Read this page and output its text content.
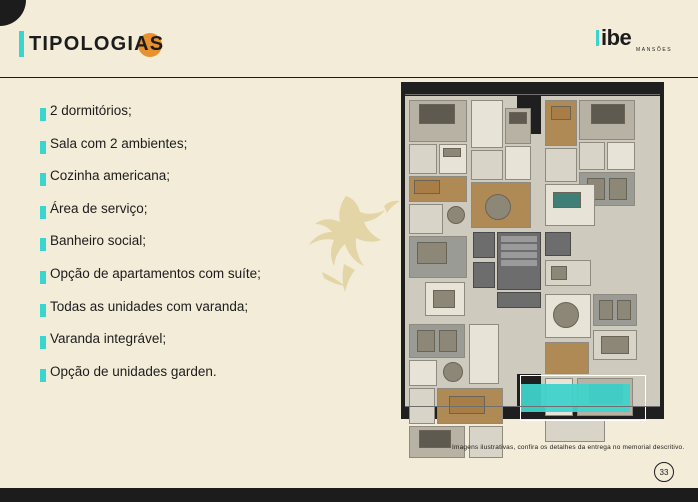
TIPOLOGIAS	ibe MANSÕES
2 dormitórios;
Sala com 2 ambientes;
Cozinha americana;
Área de serviço;
Banheiro social;
Opção de apartamentos com suíte;
Todas as unidades com varanda;
Varanda integrável;
Opção de unidades garden.
Imagens ilustrativas, confira os detalhes da entrega no memorial descritivo.
33
